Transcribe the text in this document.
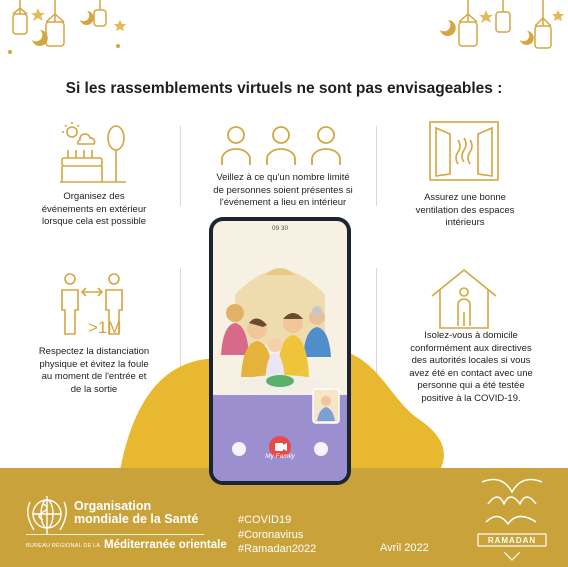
Si les rassemblements virtuels ne sont pas envisageables :
Organisez des
événements en extérieur
lorsque cela est possible
Veillez à ce qu'un nombre limité
de personnes soient présentes si
l'événement a lieu en intérieur	Assurez une bonne
ventilation des espaces
intérieurs
>1M
Respectez la distanciation
physique et évitez la foule
au moment de l'entrée et
de la sortie
Isolez-vous à domicile
conformément aux directives
des autorités locales si vous
avez été en contact avec une
personne qui a été testée
positive à la COVID-19.
Organisation
mondiale de la Santé
BUREAU RÉGIONAL DE LA Méditerranée orientale
#COVID19
#Coronavirus
#Ramadan2022	Avril 2022
RAMADAN
09 30
My Family
